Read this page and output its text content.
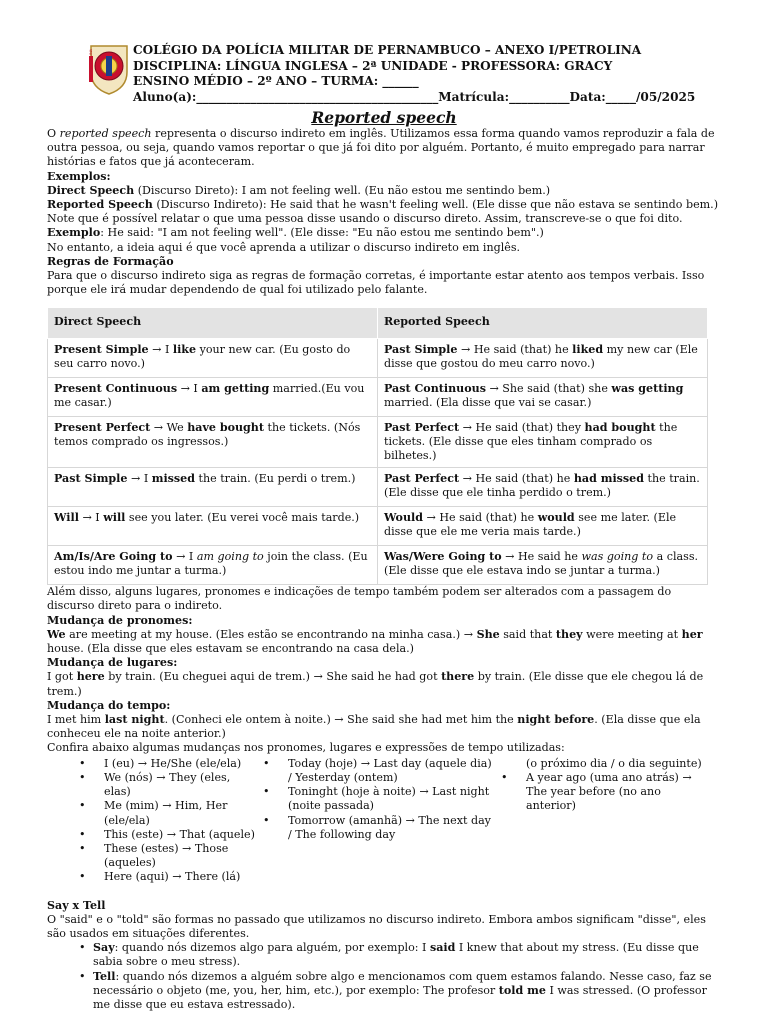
CPM PETROLINA	COLÉGIO DA POLÍCIA MILITAR DE PERNAMBUCO – ANEXO I/PETROLINA
DISCIPLINA: LÍNGUA INGLESA – 2ª UNIDADE - PROFESSORA: GRACY
ENSINO MÉDIO – 2º ANO – TURMA: ______
Aluno(a):________________________________________Matrícula:__________Data:_____/05/2025
Reported speech

O reported speech representa o discurso indireto em inglês. Utilizamos essa forma quando vamos reproduzir a fala de outra pessoa, ou seja, quando vamos reportar o que já foi dito por alguém. Portanto, é muito empregado para narrar histórias e fatos que já aconteceram.

Exemplos:

Direct Speech (Discurso Direto): I am not feeling well. (Eu não estou me sentindo bem.)

Reported Speech (Discurso Indireto): He said that he wasn't feeling well. (Ele disse que não estava se sentindo bem.)

Note que é possível relatar o que uma pessoa disse usando o discurso direto. Assim, transcreve-se o que foi dito.

Exemplo: He said: "I am not feeling well". (Ele disse: "Eu não estou me sentindo bem".)

No entanto, a ideia aqui é que você aprenda a utilizar o discurso indireto em inglês.

Regras de Formação

Para que o discurso indireto siga as regras de formação corretas, é importante estar atento aos tempos verbais. Isso porque ele irá mudar dependendo de qual foi utilizado pelo falante.

Direct Speech	Reported Speech
Present Simple → I like your new car. (Eu gosto do seu carro novo.)	Past Simple → He said (that) he liked my new car (Ele disse que gostou do meu carro novo.)
Present Continuous → I am getting married.(Eu vou me casar.)	Past Continuous → She said (that) she was getting married. (Ela disse que vai se casar.)
Present Perfect → We have bought the tickets. (Nós temos comprado os ingressos.)	Past Perfect → He said (that) they had bought the tickets. (Ele disse que eles tinham comprado os bilhetes.)
Past Simple → I missed the train. (Eu perdi o trem.)	Past Perfect → He said (that) he had missed the train. (Ele disse que ele tinha perdido o trem.)
Will → I will see you later. (Eu verei você mais tarde.)	Would → He said (that) he would see me later. (Ele disse que ele me veria mais tarde.)
Am/Is/Are Going to → I am going to join the class. (Eu estou indo me juntar a turma.)	Was/Were Going to → He said he was going to a class. (Ele disse que ele estava indo se juntar a turma.)

Além disso, alguns lugares, pronomes e indicações de tempo também podem ser alterados com a passagem do discurso direto para o indireto.

Mudança de pronomes:

We are meeting at my house. (Eles estão se encontrando na minha casa.) → She said that they were meeting at her house. (Ela disse que eles estavam se encontrando na casa dela.)

Mudança de lugares:

I got here by train. (Eu cheguei aqui de trem.) → She said he had got there by train. (Ele disse que ele chegou lá de trem.)

Mudança do tempo:

I met him last night. (Conheci ele ontem à noite.) → She said she had met him the night before. (Ela disse que ela conheceu ele na noite anterior.)

Confira abaixo algumas mudanças nos pronomes, lugares e expressões de tempo utilizadas:

• I (eu) → He/She (ele/ela)
• We (nós) → They (eles, elas)
• Me (mim) → Him, Her (ele/ela)
• This (este) → That (aquele)
• These (estes) → Those (aqueles)
• Here (aqui) → There (lá)
• Today (hoje) → Last day (aquele dia) / Yesterday (ontem)
• Toninght (hoje à noite) → Last night (noite passada)
• Tomorrow (amanhã) → The next day / The following day
(o próximo dia / o dia seguinte)
• A year ago (uma ano atrás) → The year before (no ano anterior)

Say x Tell

O "said" e o "told" são formas no passado que utilizamos no discurso indireto. Embora ambos significam "disse", eles são usados em situações diferentes.

• Say: quando nós dizemos algo para alguém, por exemplo: I said I knew that about my stress. (Eu disse que sabia sobre o meu stress).
• Tell: quando nós dizemos a alguém sobre algo e mencionamos com quem estamos falando. Nesse caso, faz se necessário o objeto (me, you, her, him, etc.), por exemplo: The profesor told me I was stressed. (O professor me disse que eu estava estressado).
